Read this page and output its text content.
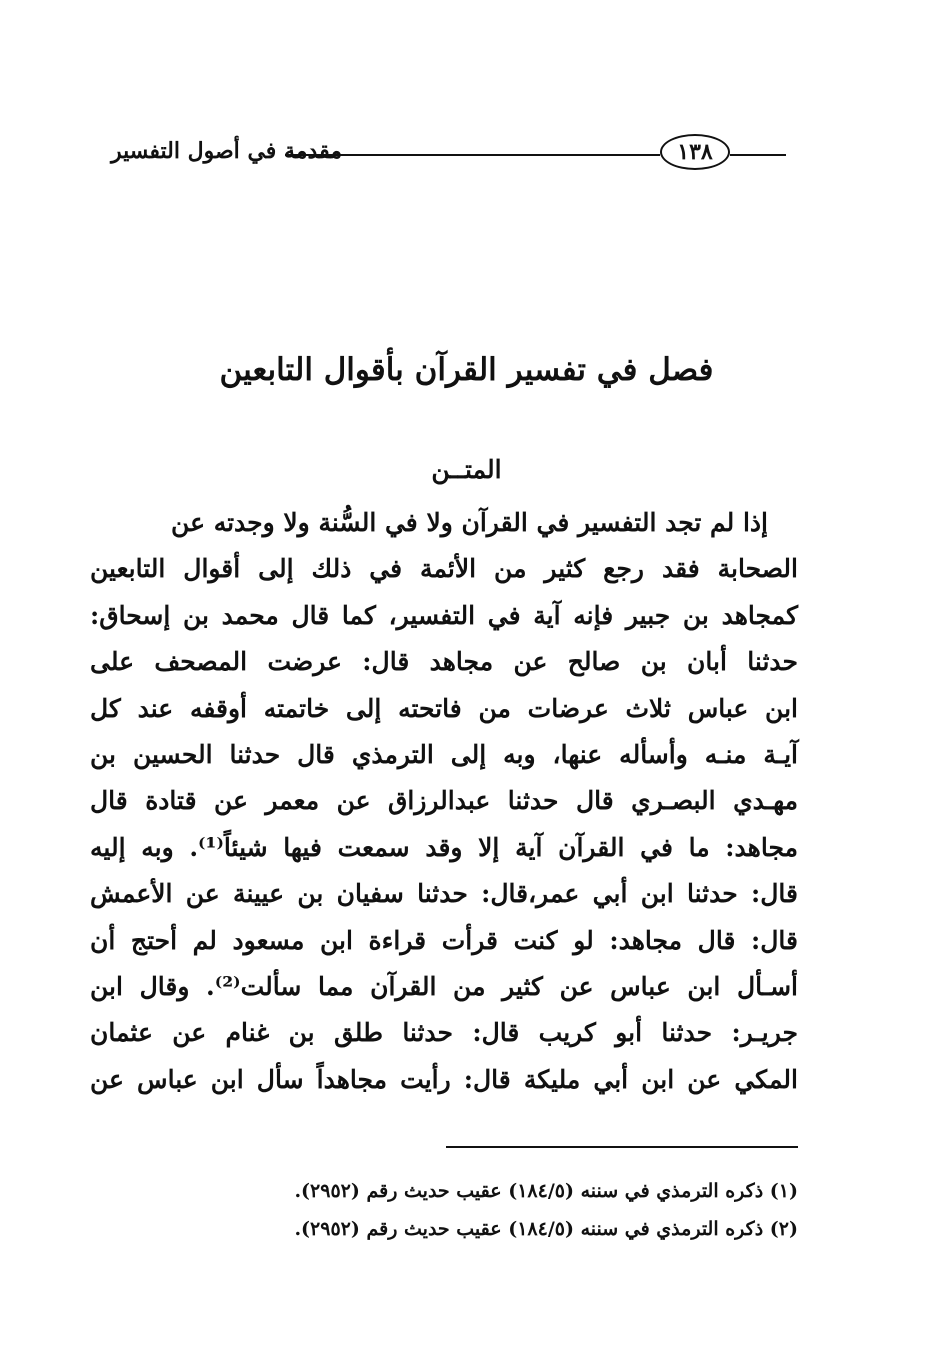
مقدمة في أصول التفسير	١٣٨
فصل في تفسير القرآن بأقوال التابعين
المتــن
إذا لم تجد التفسير في القرآن ولا في السُّنة ولا وجدته عن
الصحابة فقد رجع كثير من الأئمة في ذلك إلى أقوال التابعين
كمجاهد بن جبير فإنه آية في التفسير، كما قال محمد بن إسحاق:
حدثنا أبان بن صالح عن مجاهد قال: عرضت المصحف على
ابن عباس ثلاث عرضات من فاتحته إلى خاتمته أوقفه عند كل
آيـة منـه وأسأله عنها، وبه إلى الترمذي قال حدثنا الحسين بن
مهـدي البصـري قال حدثنا عبدالرزاق عن معمر عن قتادة قال
مجاهد: ما في القرآن آية إلا وقد سمعت فيها شيئاً⁽¹⁾. وبه إليه
قال: حدثنا ابن أبي عمر،قال: حدثنا سفيان بن عيينة عن الأعمش
قال: قال مجاهد: لو كنت قرأت قراءة ابن مسعود لم أحتج أن
أسـأل ابن عباس عن كثير من القرآن مما سألت⁽²⁾. وقال ابن
جريـر: حدثنا أبو كريب قال: حدثنا طلق بن غنام عن عثمان
المكي عن ابن أبي مليكة قال: رأيت مجاهداً سأل ابن عباس عن
(١) ذكره الترمذي في سننه (١٨٤/٥) عقيب حديث رقم (٢٩٥٢).
(٢) ذكره الترمذي في سننه (١٨٤/٥) عقيب حديث رقم (٢٩٥٢).
